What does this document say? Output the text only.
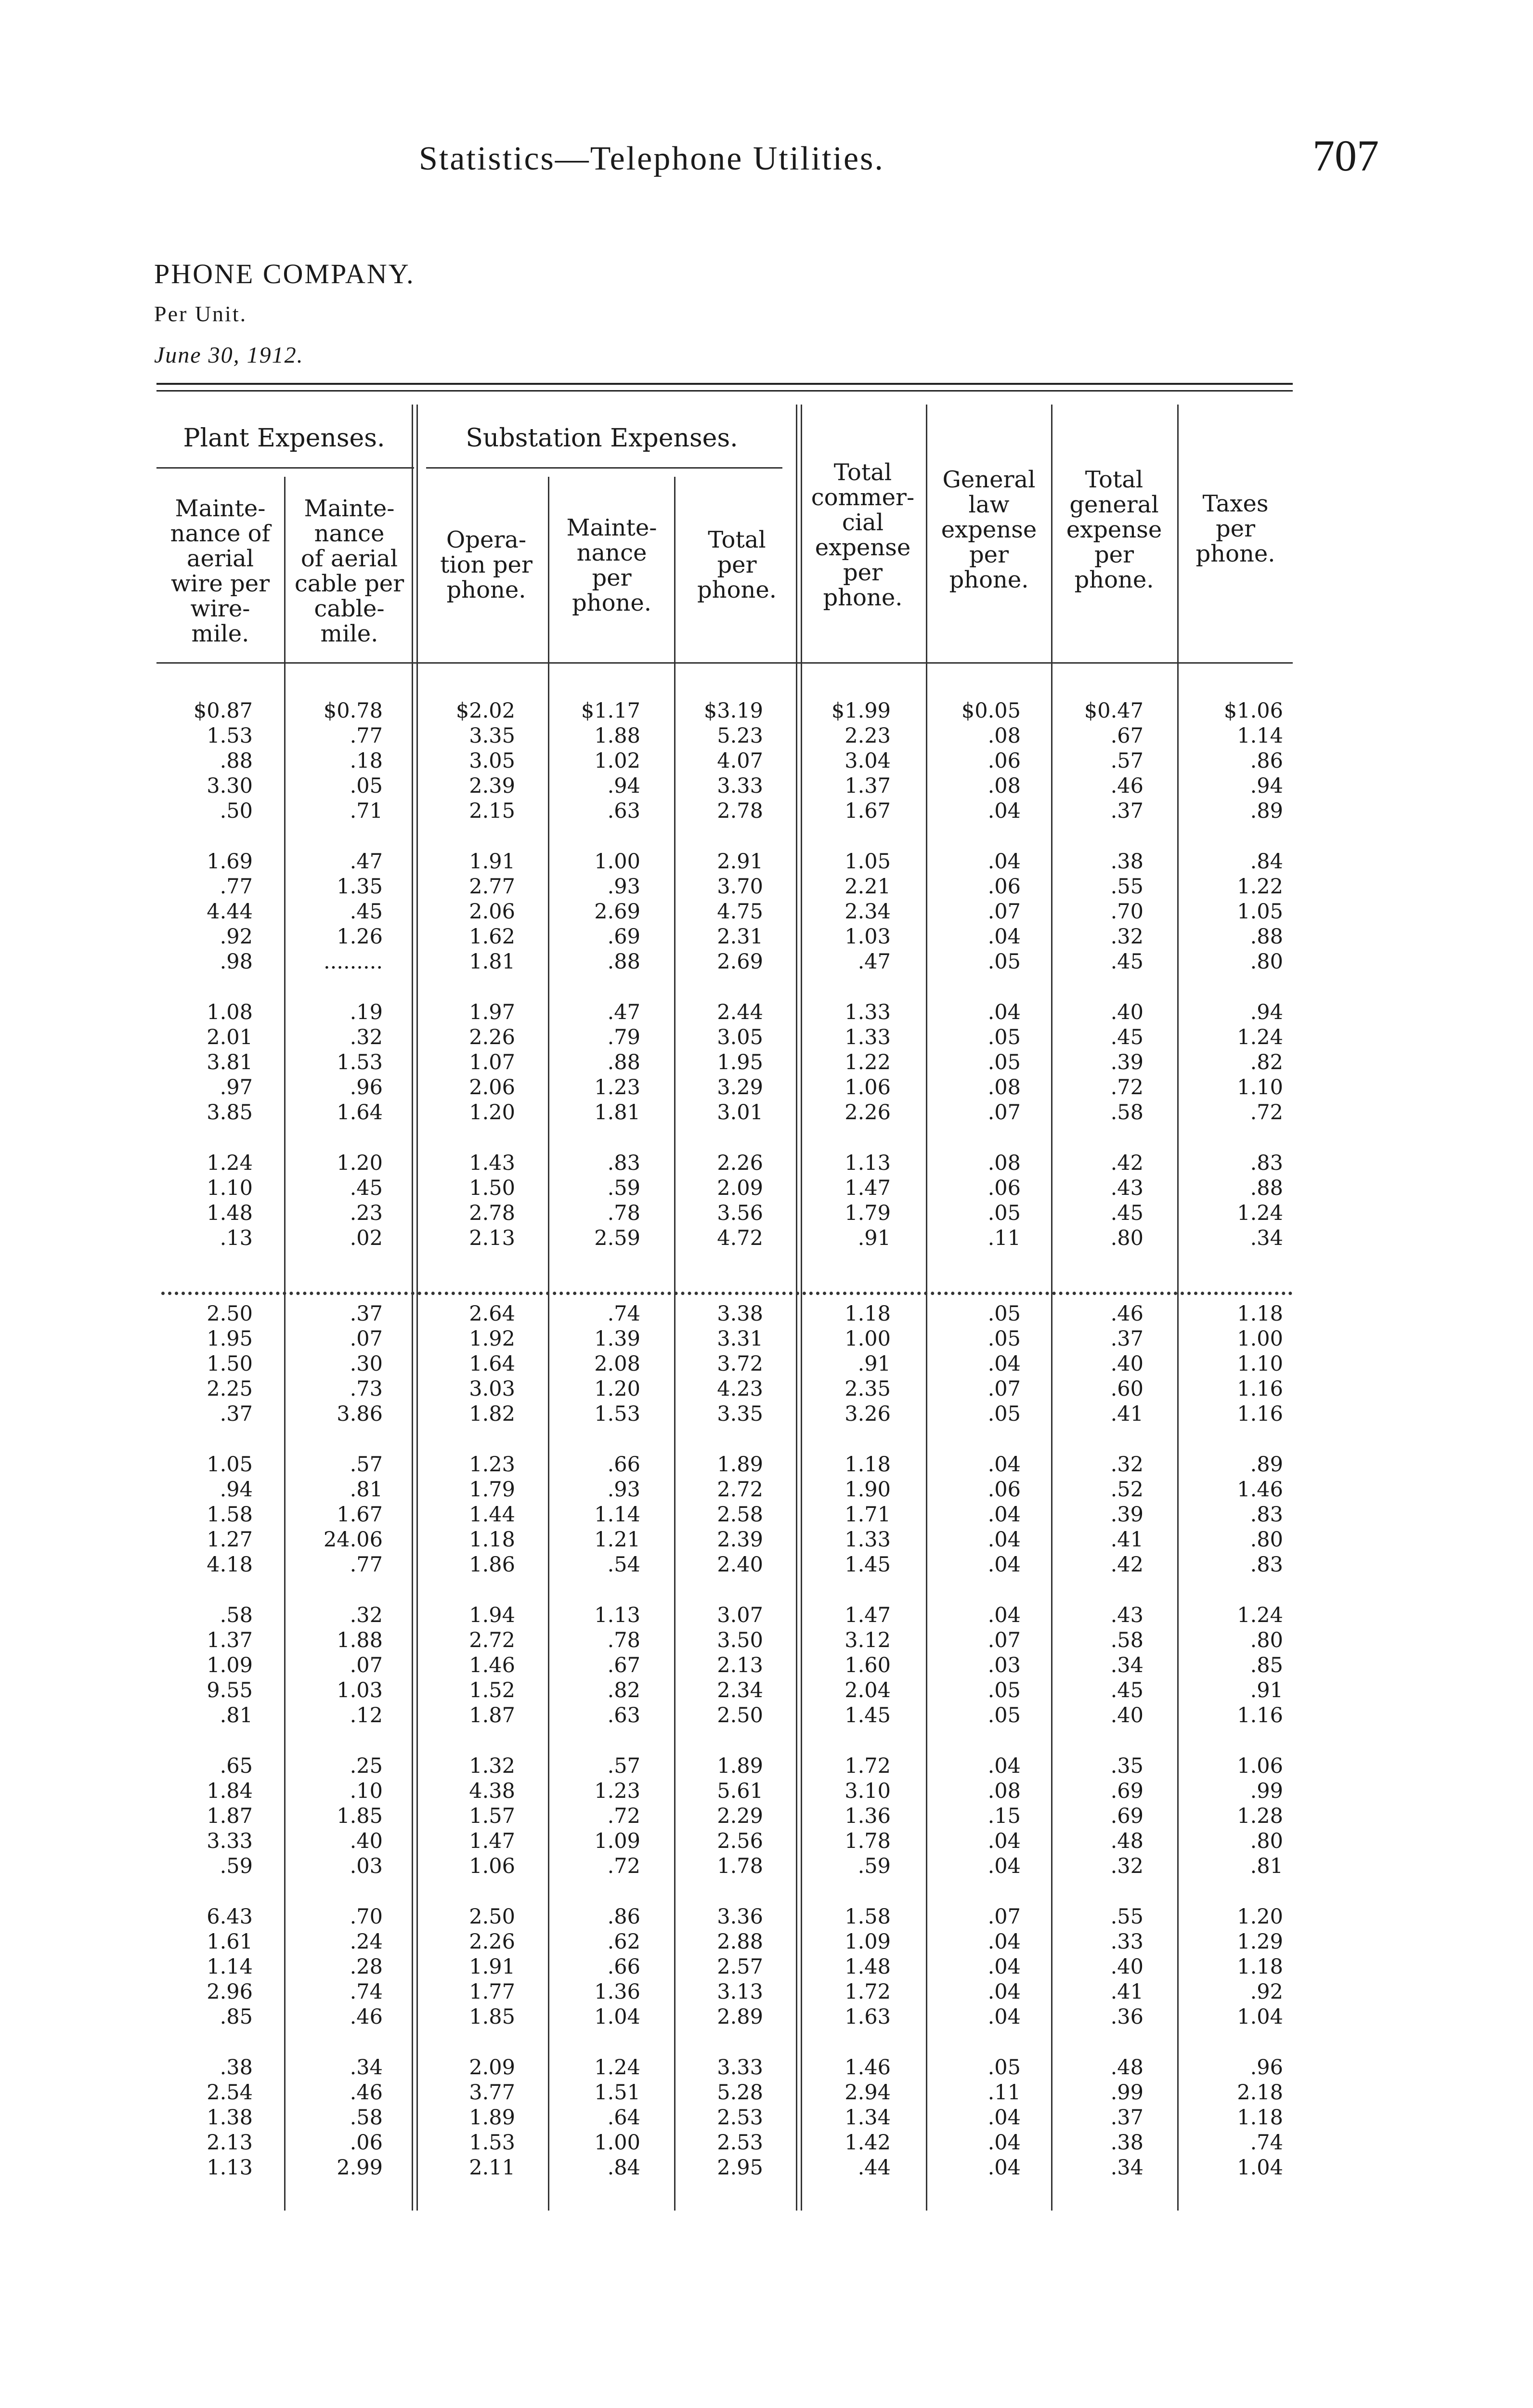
Statistics—Telephone Utilities.	707
PHONE COMPANY.
Per Unit.
June 30, 1912.
Plant Expenses.	Substation Expenses.
Mainte-
nance of
aerial
wire per
wire-
mile.
Mainte-
nance
of aerial
cable per
cable-
mile.
Opera-
tion per
phone.
Mainte-
nance
per
phone.
Total
per
phone.
Total
commer-
cial
expense
per
phone.
General
law
expense
per
phone.
Total
general
expense
per
phone.
Taxes
per
phone.
$0.87
1.53
.88
3.30
.50
1.69
.77
4.44
.92
.98
1.08
2.01
3.81
.97
3.85
1.24
1.10
1.48
.13
2.50
1.95
1.50
2.25
.37
1.05
.94
1.58
1.27
4.18
.58
1.37
1.09
9.55
.81
.65
1.84
1.87
3.33
.59
6.43
1.61
1.14
2.96
.85
.38
2.54
1.38
2.13
1.13
$0.78
.77
.18
.05
.71
.47
1.35
.45
1.26
.........
.19
.32
1.53
.96
1.64
1.20
.45
.23
.02
.37
.07
.30
.73
3.86
.57
.81
1.67
24.06
.77
.32
1.88
.07
1.03
.12
.25
.10
1.85
.40
.03
.70
.24
.28
.74
.46
.34
.46
.58
.06
2.99
$2.02
3.35
3.05
2.39
2.15
1.91
2.77
2.06
1.62
1.81
1.97
2.26
1.07
2.06
1.20
1.43
1.50
2.78
2.13
2.64
1.92
1.64
3.03
1.82
1.23
1.79
1.44
1.18
1.86
1.94
2.72
1.46
1.52
1.87
1.32
4.38
1.57
1.47
1.06
2.50
2.26
1.91
1.77
1.85
2.09
3.77
1.89
1.53
2.11
$1.17
1.88
1.02
.94
.63
1.00
.93
2.69
.69
.88
.47
.79
.88
1.23
1.81
.83
.59
.78
2.59
.74
1.39
2.08
1.20
1.53
.66
.93
1.14
1.21
.54
1.13
.78
.67
.82
.63
.57
1.23
.72
1.09
.72
.86
.62
.66
1.36
1.04
1.24
1.51
.64
1.00
.84
$3.19
5.23
4.07
3.33
2.78
2.91
3.70
4.75
2.31
2.69
2.44
3.05
1.95
3.29
3.01
2.26
2.09
3.56
4.72
3.38
3.31
3.72
4.23
3.35
1.89
2.72
2.58
2.39
2.40
3.07
3.50
2.13
2.34
2.50
1.89
5.61
2.29
2.56
1.78
3.36
2.88
2.57
3.13
2.89
3.33
5.28
2.53
2.53
2.95
$1.99
2.23
3.04
1.37
1.67
1.05
2.21
2.34
1.03
.47
1.33
1.33
1.22
1.06
2.26
1.13
1.47
1.79
.91
1.18
1.00
.91
2.35
3.26
1.18
1.90
1.71
1.33
1.45
1.47
3.12
1.60
2.04
1.45
1.72
3.10
1.36
1.78
.59
1.58
1.09
1.48
1.72
1.63
1.46
2.94
1.34
1.42
.44
$0.05
.08
.06
.08
.04
.04
.06
.07
.04
.05
.04
.05
.05
.08
.07
.08
.06
.05
.11
.05
.05
.04
.07
.05
.04
.06
.04
.04
.04
.04
.07
.03
.05
.05
.04
.08
.15
.04
.04
.07
.04
.04
.04
.04
.05
.11
.04
.04
.04
$0.47
.67
.57
.46
.37
.38
.55
.70
.32
.45
.40
.45
.39
.72
.58
.42
.43
.45
.80
.46
.37
.40
.60
.41
.32
.52
.39
.41
.42
.43
.58
.34
.45
.40
.35
.69
.69
.48
.32
.55
.33
.40
.41
.36
.48
.99
.37
.38
.34
$1.06
1.14
.86
.94
.89
.84
1.22
1.05
.88
.80
.94
1.24
.82
1.10
.72
.83
.88
1.24
.34
1.18
1.00
1.10
1.16
1.16
.89
1.46
.83
.80
.83
1.24
.80
.85
.91
1.16
1.06
.99
1.28
.80
.81
1.20
1.29
1.18
.92
1.04
.96
2.18
1.18
.74
1.04
